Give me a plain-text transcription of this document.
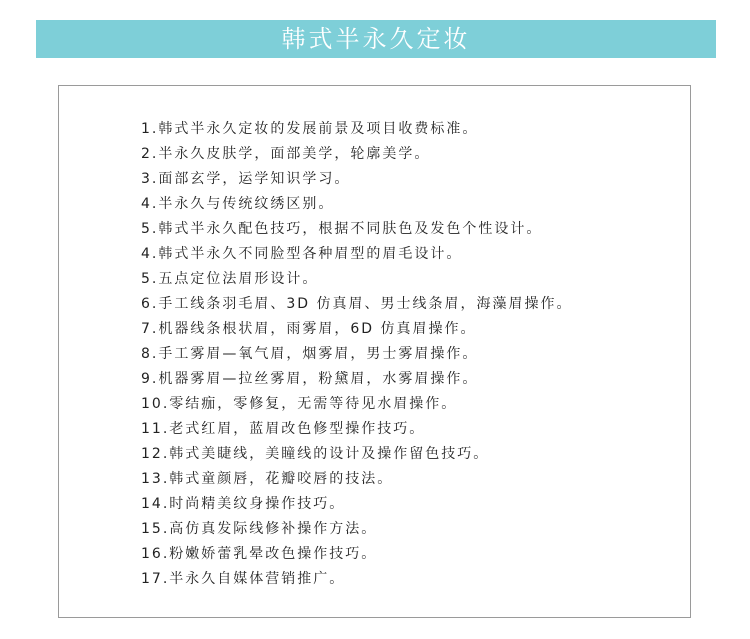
韩式半永久定妆
1.韩式半永久定妆的发展前景及项目收费标准。
2.半永久皮肤学，面部美学，轮廓美学。
3.面部玄学，运学知识学习。
4.半永久与传统纹绣区别。
5.韩式半永久配色技巧，根据不同肤色及发色个性设计。
4.韩式半永久不同脸型各种眉型的眉毛设计。
5.五点定位法眉形设计。
6.手工线条羽毛眉、3D 仿真眉、男士线条眉，海藻眉操作。
7.机器线条根状眉，雨雾眉，6D 仿真眉操作。
8.手工雾眉—氧气眉，烟雾眉，男士雾眉操作。
9.机器雾眉—拉丝雾眉，粉黛眉，水雾眉操作。
10.零结痂，零修复，无需等待见水眉操作。
11.老式红眉，蓝眉改色修型操作技巧。
12.韩式美睫线，美瞳线的设计及操作留色技巧。
13.韩式童颜唇，花瓣咬唇的技法。
14.时尚精美纹身操作技巧。
15.高仿真发际线修补操作方法。
16.粉嫩娇蕾乳晕改色操作技巧。
17.半永久自媒体营销推广。
